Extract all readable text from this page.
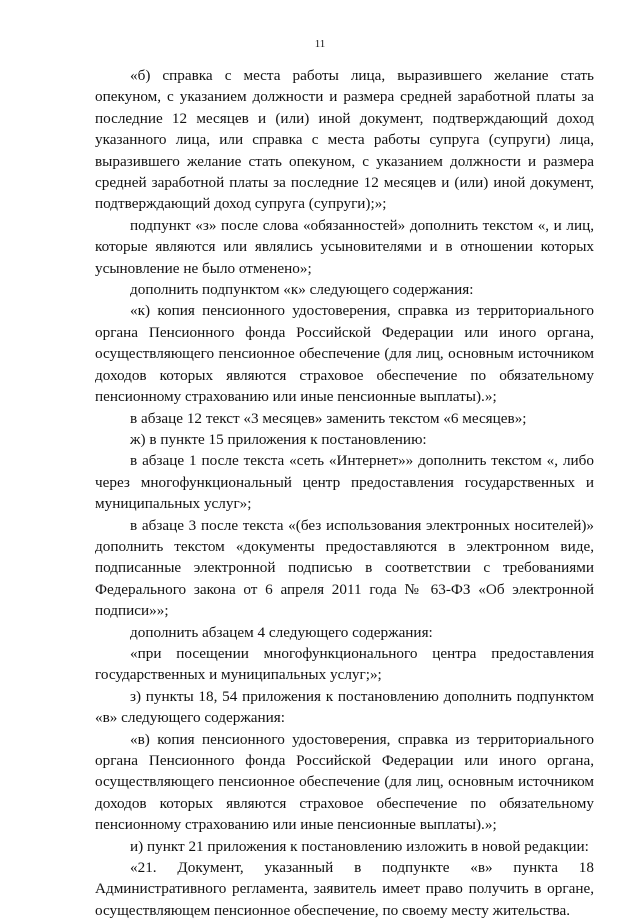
11

«б) справка с места работы лица, выразившего желание стать опекуном, с указанием должности и размера средней заработной платы за последние 12 месяцев и (или) иной документ, подтверждающий доход указанного лица, или справка с места работы супруга (супруги) лица, выразившего желание стать опекуном, с указанием должности и размера средней заработной платы за последние 12 месяцев и (или) иной документ, подтверждающий доход супруга (супруги);»;

подпункт «з» после слова «обязанностей» дополнить текстом «, и лиц, которые являются или являлись усыновителями и в отношении которых усыновление не было отменено»;

дополнить подпунктом «к» следующего содержания:

«к) копия пенсионного удостоверения, справка из территориального органа Пенсионного фонда Российской Федерации или иного органа, осуществляющего пенсионное обеспечение (для лиц, основным источником доходов которых являются страховое обеспечение по обязательному пенсионному страхованию или иные пенсионные выплаты).»;

в абзаце 12 текст «3 месяцев» заменить текстом «6 месяцев»;

ж) в пункте 15 приложения к постановлению:

в абзаце 1 после текста «сеть «Интернет»» дополнить текстом «, либо через многофункциональный центр предоставления государственных и муниципальных услуг»;

в абзаце 3 после текста «(без использования электронных носителей)» дополнить текстом «документы предоставляются в электронном виде, подписанные электронной подписью в соответствии с требованиями Федерального закона от 6 апреля 2011 года № 63-ФЗ «Об электронной подписи»»;

дополнить абзацем 4 следующего содержания:

«при посещении многофункционального центра предоставления государственных и муниципальных услуг;»;

з) пункты 18, 54 приложения к постановлению дополнить подпунктом «в» следующего содержания:

«в) копия пенсионного удостоверения, справка из территориального органа Пенсионного фонда Российской Федерации или иного органа, осуществляющего пенсионное обеспечение (для лиц, основным источником доходов которых являются страховое обеспечение по обязательному пенсионному страхованию или иные пенсионные выплаты).»;

и) пункт 21 приложения к постановлению изложить в новой редакции:

«21. Документ, указанный в подпункте «в» пункта 18 Административного регламента, заявитель имеет право получить в органе, осуществляющем пенсионное обеспечение, по своему месту жительства.
